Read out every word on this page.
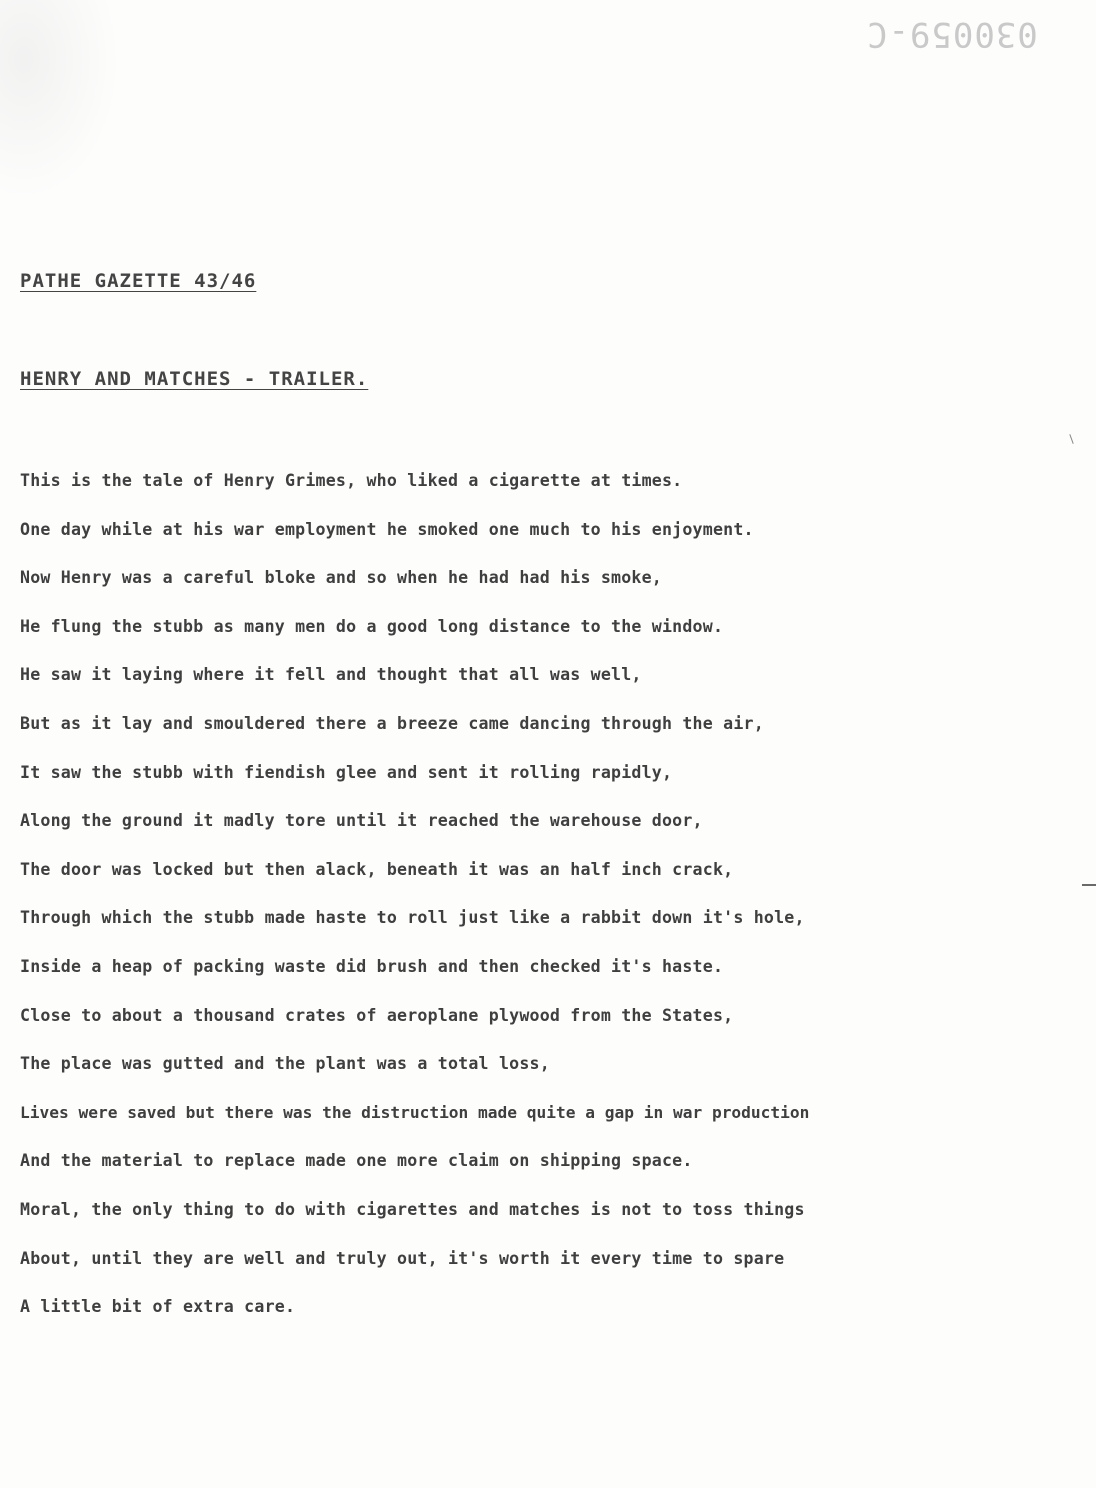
030059-C
PATHE GAZETTE 43/46
HENRY AND MATCHES - TRAILER.
This is the tale of Henry Grimes, who liked a cigarette at times.
One day while at his war employment he smoked one much to his enjoyment.
Now Henry was a careful bloke and so when he had had his smoke,
He flung the stubb as many men do a good long distance to the window.
He saw it laying where it fell and thought that all was well,
But as it lay and smouldered there a breeze came dancing through the air,
It saw the stubb with fiendish glee and sent it rolling rapidly,
Along the ground it madly tore until it reached the warehouse door,
The door was locked but then alack, beneath it was an half inch crack,
Through which the stubb made haste to roll just like a rabbit down it's hole,
Inside a heap of packing waste did brush and then checked it's haste.
Close to about a thousand crates of aeroplane plywood from the States,
The place was gutted and the plant was a total loss,
Lives were saved but there was the distruction made quite a gap in war production
And the material to replace made one more claim on shipping space.
Moral, the only thing to do with cigarettes and matches is not to toss things
About, until they are well and truly out, it's worth it every time to spare
A little bit of extra care.
